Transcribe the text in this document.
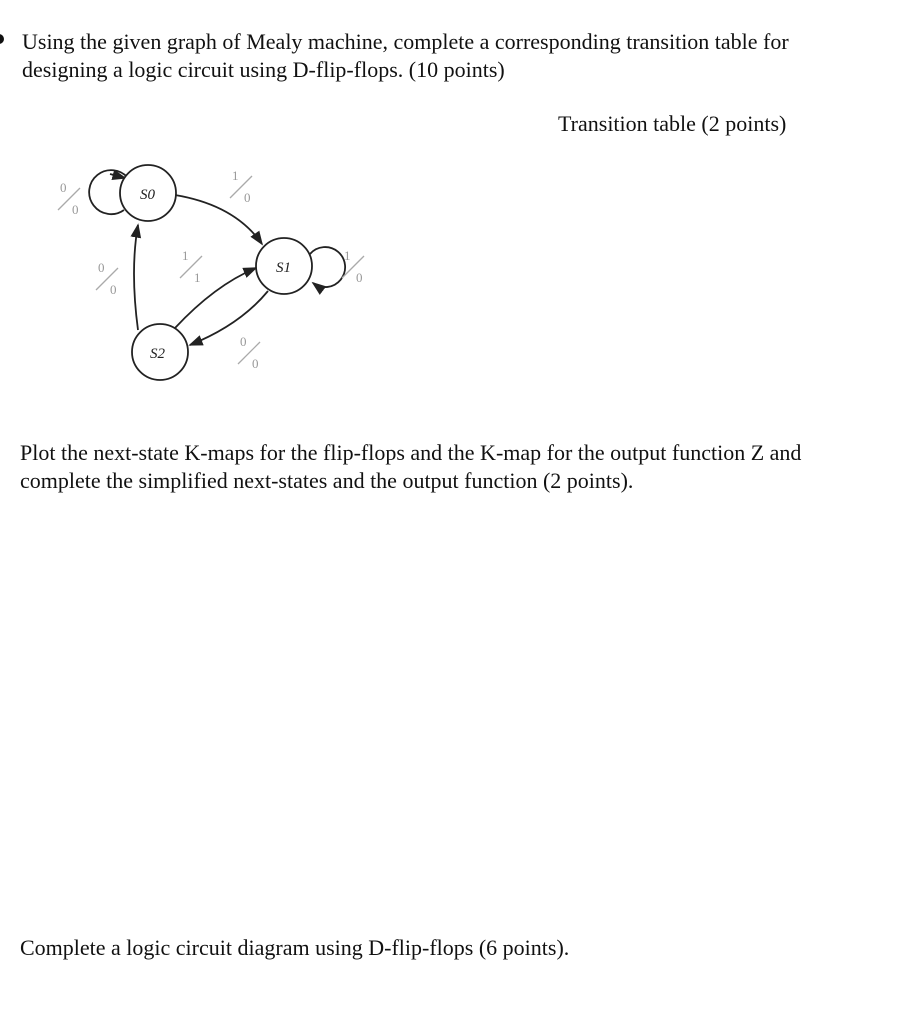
Using the given graph of Mealy machine, complete a corresponding transition table for
designing a logic circuit using D-flip-flops. (10 points)
Transition table (2 points)
S0
S1
S2
0
0
1
0
1
0
0
0
1
1
0
0
Plot the next-state K-maps for the flip-flops and the K-map for the output function Z and
complete the simplified next-states and the output function (2 points).
Complete a logic circuit diagram using D-flip-flops (6 points).
